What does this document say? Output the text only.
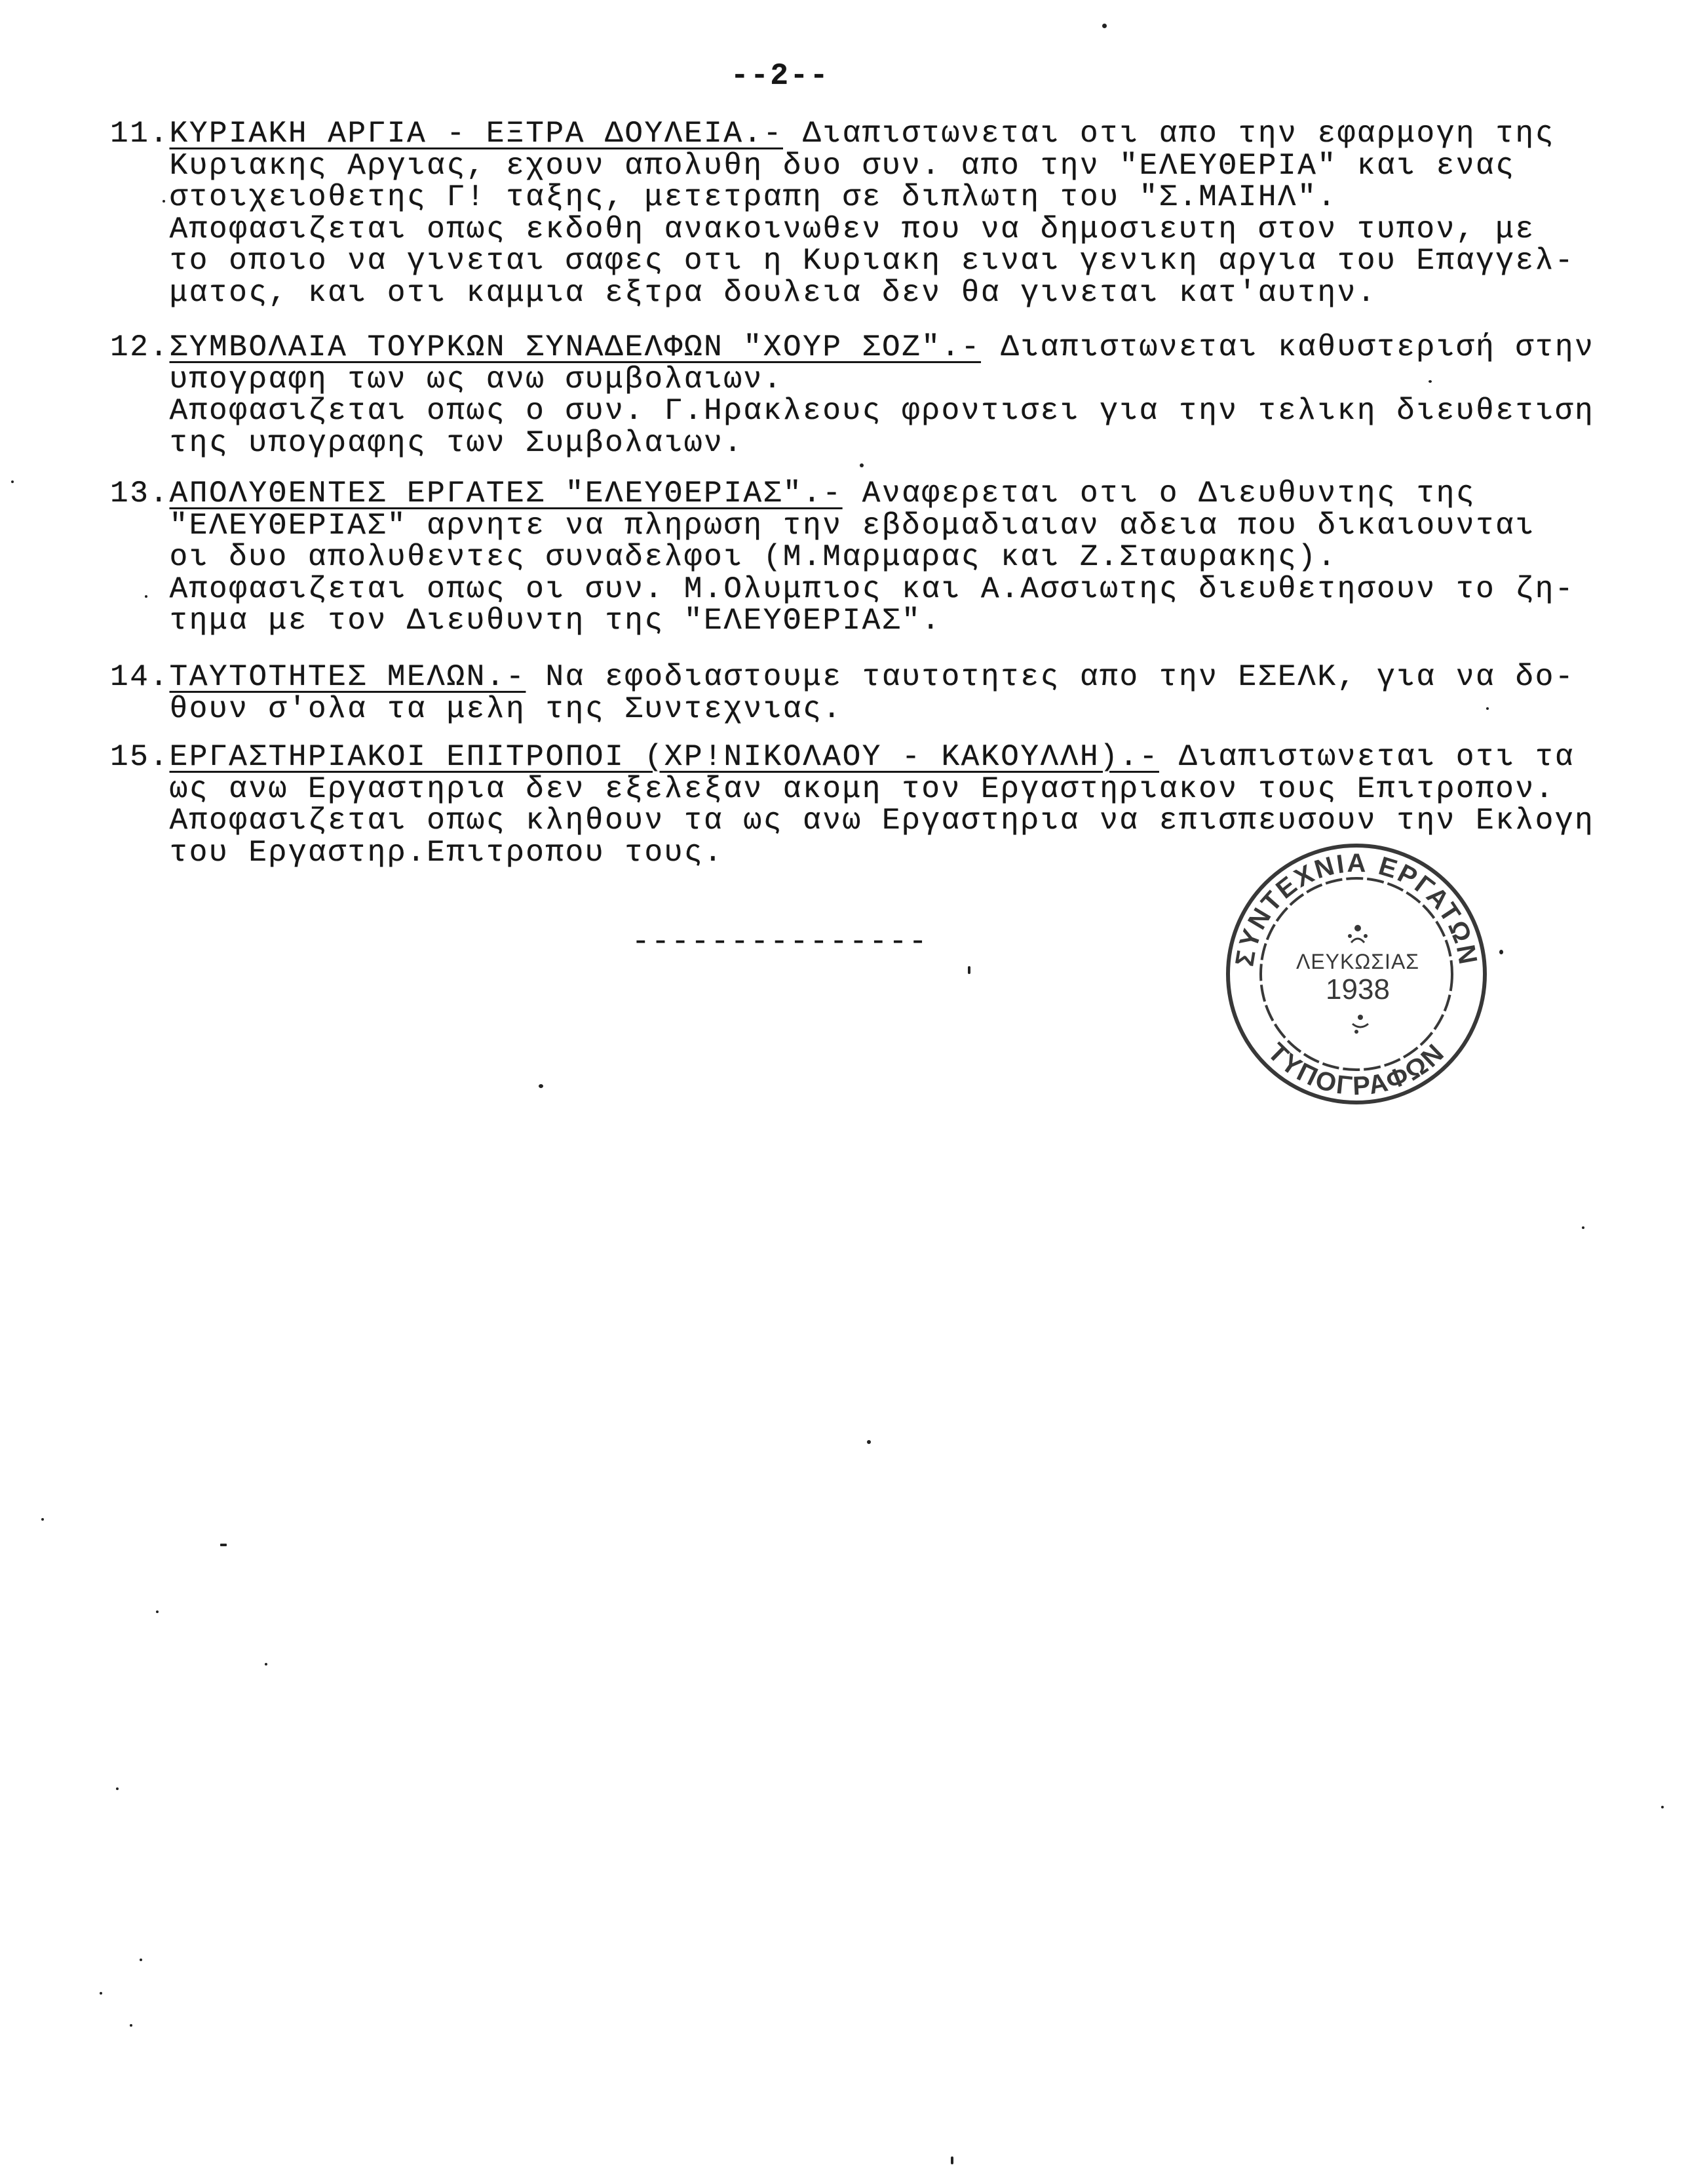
--2--
11.ΚΥΡΙΑΚΗ ΑΡΓΙΑ - ΕΞΤΡΑ ΔΟΥΛΕΙΑ.- Διαπιστωνεται οτι απο την εφαρμογη της
Κυριακης Αργιας, εχουν απολυθη δυο συν. απο την "ΕΛΕΥΘΕΡΙΑ" και ενας
στοιχειοθετης Γ! ταξης, μετετραπη σε διπλωτη του "Σ.ΜΑΙΗΛ".
Αποφασιζεται οπως εκδοθη ανακοινωθεν που να δημοσιευτη στον τυπον, με
το οποιο να γινεται σαφες οτι η Κυριακη ειναι γενικη αργια του Επαγγελ-
ματος, και οτι καμμια εξτρα δουλεια δεν θα γινεται κατ'αυτην.
12.ΣΥΜΒΟΛΑΙΑ ΤΟΥΡΚΩΝ ΣΥΝΑΔΕΛΦΩΝ "ΧΟΥΡ ΣΟΖ".- Διαπιστωνεται καθυστερισή στην
υπογραφη των ως ανω συμβολαιων.
Αποφασιζεται οπως ο συν. Γ.Ηρακλεους φροντισει για την τελικη διευθετιση
της υπογραφης των Συμβολαιων.
13.ΑΠΟΛΥΘΕΝΤΕΣ ΕΡΓΑΤΕΣ "ΕΛΕΥΘΕΡΙΑΣ".- Αναφερεται οτι ο Διευθυντης της
"ΕΛΕΥΘΕΡΙΑΣ" αρνητε να πληρωση την εβδομαδιαιαν αδεια που δικαιουνται
οι δυο απολυθεντες συναδελφοι (Μ.Μαρμαρας και Ζ.Σταυρακης).
Αποφασιζεται οπως οι συν. Μ.Ολυμπιος και Α.Ασσιωτης διευθετησουν το ζη-
τημα με τον Διευθυντη της "ΕΛΕΥΘΕΡΙΑΣ".
14.ΤΑΥΤΟΤΗΤΕΣ ΜΕΛΩΝ.- Να εφοδιαστουμε ταυτοτητες απο την ΕΣΕΛΚ, για να δο-
θουν σ'ολα τα μελη της Συντεχνιας.
15.ΕΡΓΑΣΤΗΡΙΑΚΟΙ ΕΠΙΤΡΟΠΟΙ (ΧΡ!ΝΙΚΟΛΑΟΥ - ΚΑΚΟΥΛΛΗ).- Διαπιστωνεται οτι τα
ως ανω Εργαστηρια δεν εξελεξαν ακομη τον Εργαστηριακον τους Επιτροπον.
Αποφασιζεται οπως κληθουν τα ως ανω Εργαστηρια να επισπευσουν την Εκλογη
του Εργαστηρ.Επιτροπου τους.
---------------	ΣΥΝΤΕΧΝΙΑ ΕΡΓΑΤΩΝ
ΤΥΠΟΓΡΑΦΩΝ
ΛΕΥΚΩΣΙΑΣ
1938
